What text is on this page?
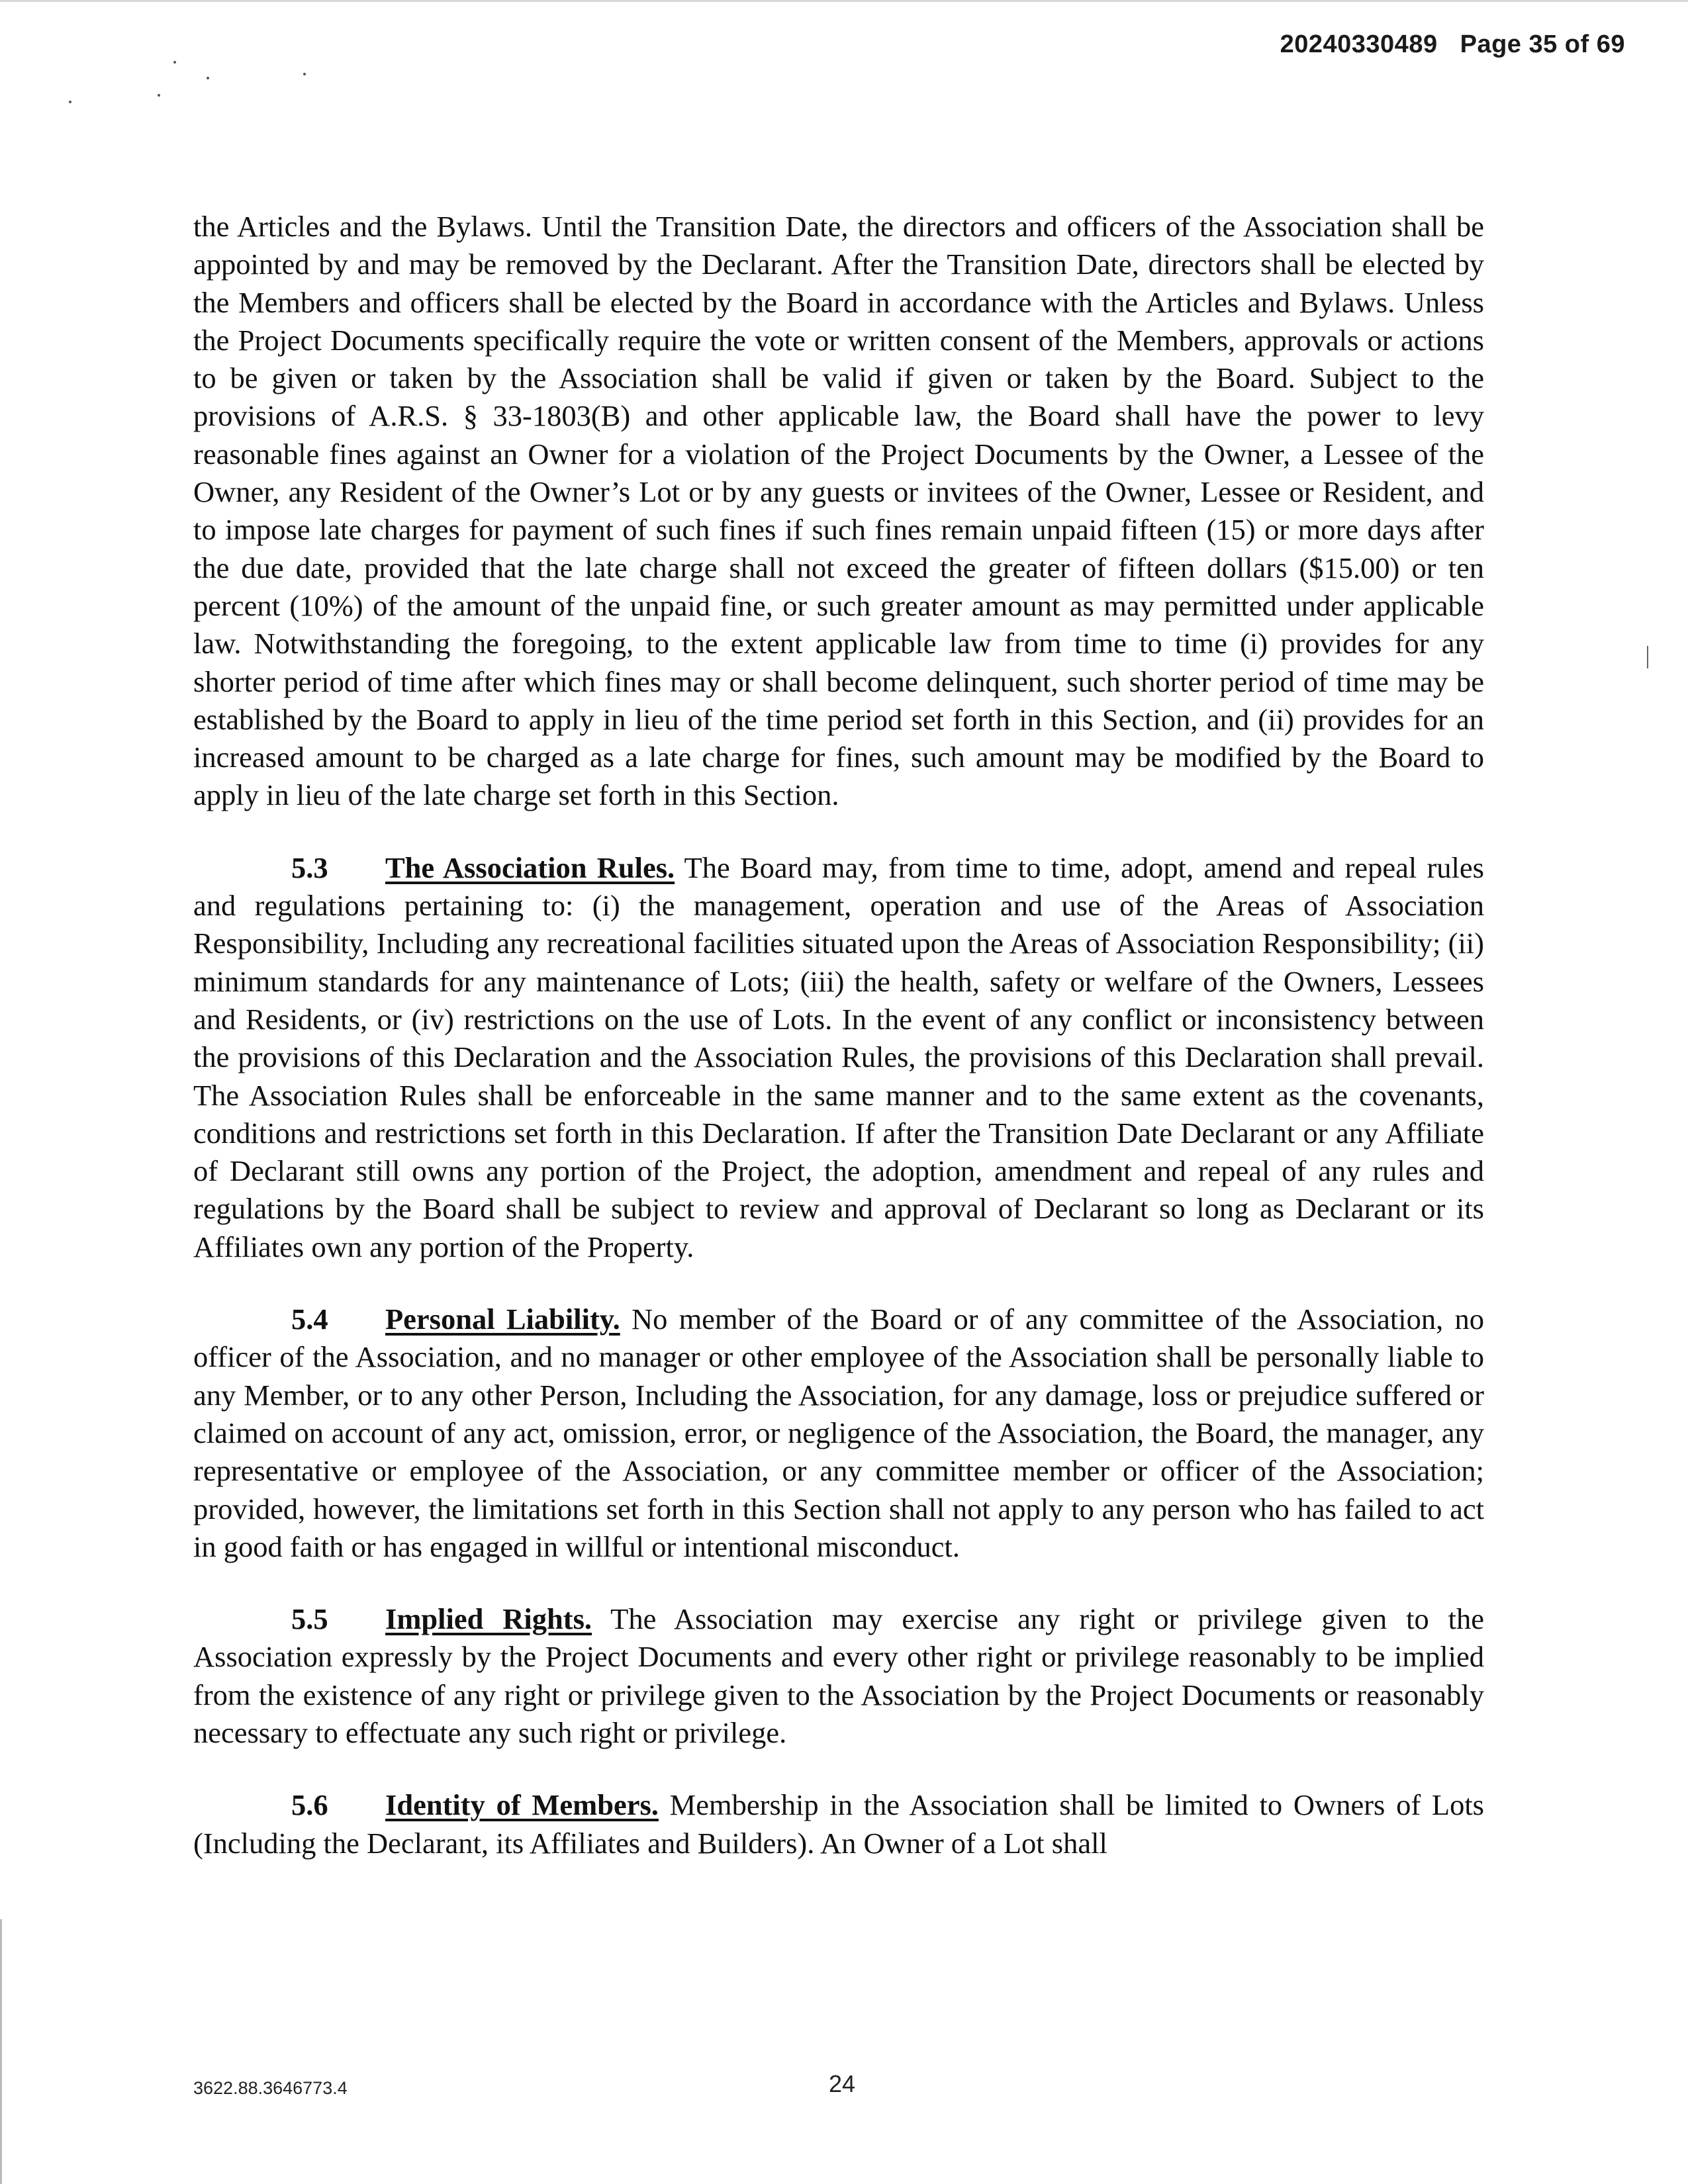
20240330489 Page 35 of 69

the Articles and the Bylaws. Until the Transition Date, the directors and officers of the Association shall be appointed by and may be removed by the Declarant. After the Transition Date, directors shall be elected by the Members and officers shall be elected by the Board in accordance with the Articles and Bylaws. Unless the Project Documents specifically require the vote or written consent of the Members, approvals or actions to be given or taken by the Association shall be valid if given or taken by the Board. Subject to the provisions of A.R.S. § 33-1803(B) and other applicable law, the Board shall have the power to levy reasonable fines against an Owner for a violation of the Project Documents by the Owner, a Lessee of the Owner, any Resident of the Owner’s Lot or by any guests or invitees of the Owner, Lessee or Resident, and to impose late charges for payment of such fines if such fines remain unpaid fifteen (15) or more days after the due date, provided that the late charge shall not exceed the greater of fifteen dollars ($15.00) or ten percent (10%) of the amount of the unpaid fine, or such greater amount as may permitted under applicable law. Notwithstanding the foregoing, to the extent applicable law from time to time (i) provides for any shorter period of time after which fines may or shall become delinquent, such shorter period of time may be established by the Board to apply in lieu of the time period set forth in this Section, and (ii) provides for an increased amount to be charged as a late charge for fines, such amount may be modified by the Board to apply in lieu of the late charge set forth in this Section.

5.3 The Association Rules. The Board may, from time to time, adopt, amend and repeal rules and regulations pertaining to: (i) the management, operation and use of the Areas of Association Responsibility, Including any recreational facilities situated upon the Areas of Association Responsibility; (ii) minimum standards for any maintenance of Lots; (iii) the health, safety or welfare of the Owners, Lessees and Residents, or (iv) restrictions on the use of Lots. In the event of any conflict or inconsistency between the provisions of this Declaration and the Association Rules, the provisions of this Declaration shall prevail. The Association Rules shall be enforceable in the same manner and to the same extent as the covenants, conditions and restrictions set forth in this Declaration. If after the Transition Date Declarant or any Affiliate of Declarant still owns any portion of the Project, the adoption, amendment and repeal of any rules and regulations by the Board shall be subject to review and approval of Declarant so long as Declarant or its Affiliates own any portion of the Property.

5.4 Personal Liability. No member of the Board or of any committee of the Association, no officer of the Association, and no manager or other employee of the Association shall be personally liable to any Member, or to any other Person, Including the Association, for any damage, loss or prejudice suffered or claimed on account of any act, omission, error, or negligence of the Association, the Board, the manager, any representative or employee of the Association, or any committee member or officer of the Association; provided, however, the limitations set forth in this Section shall not apply to any person who has failed to act in good faith or has engaged in willful or intentional misconduct.

5.5 Implied Rights. The Association may exercise any right or privilege given to the Association expressly by the Project Documents and every other right or privilege reasonably to be implied from the existence of any right or privilege given to the Association by the Project Documents or reasonably necessary to effectuate any such right or privilege.

5.6 Identity of Members. Membership in the Association shall be limited to Owners of Lots (Including the Declarant, its Affiliates and Builders). An Owner of a Lot shall

3622.88.3646773.4	24
